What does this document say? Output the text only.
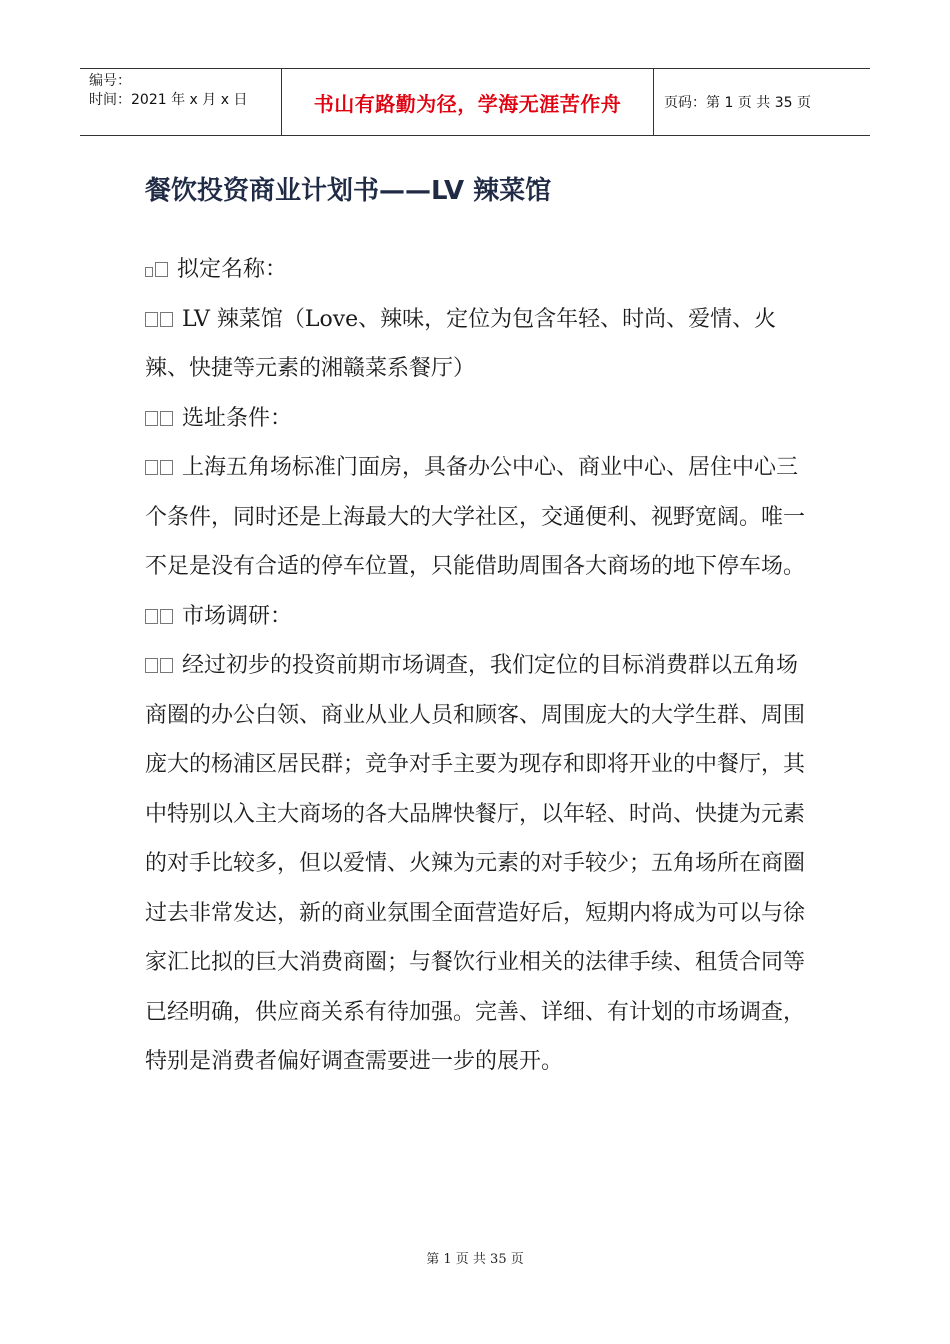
编号：
时间：2021 年 x 月 x 日	书山有路勤为径，学海无涯苦作舟	页码：第 1 页 共 35 页
餐饮投资商业计划书——LV 辣菜馆

拟定名称：

LV 辣菜馆（Love、辣味，定位为包含年轻、时尚、爱情、火辣、快捷等元素的湘赣菜系餐厅）

选址条件：

上海五角场标准门面房，具备办公中心、商业中心、居住中心三个条件，同时还是上海最大的大学社区，交通便利、视野宽阔。唯一不足是没有合适的停车位置，只能借助周围各大商场的地下停车场。

市场调研：

经过初步的投资前期市场调查，我们定位的目标消费群以五角场商圈的办公白领、商业从业人员和顾客、周围庞大的大学生群、周围庞大的杨浦区居民群；竞争对手主要为现存和即将开业的中餐厅，其中特别以入主大商场的各大品牌快餐厅，以年轻、时尚、快捷为元素的对手比较多，但以爱情、火辣为元素的对手较少；五角场所在商圈过去非常发达，新的商业氛围全面营造好后，短期内将成为可以与徐家汇比拟的巨大消费商圈；与餐饮行业相关的法律手续、租赁合同等已经明确，供应商关系有待加强。完善、详细、有计划的市场调查，特别是消费者偏好调查需要进一步的展开。

第 1 页 共 35 页
